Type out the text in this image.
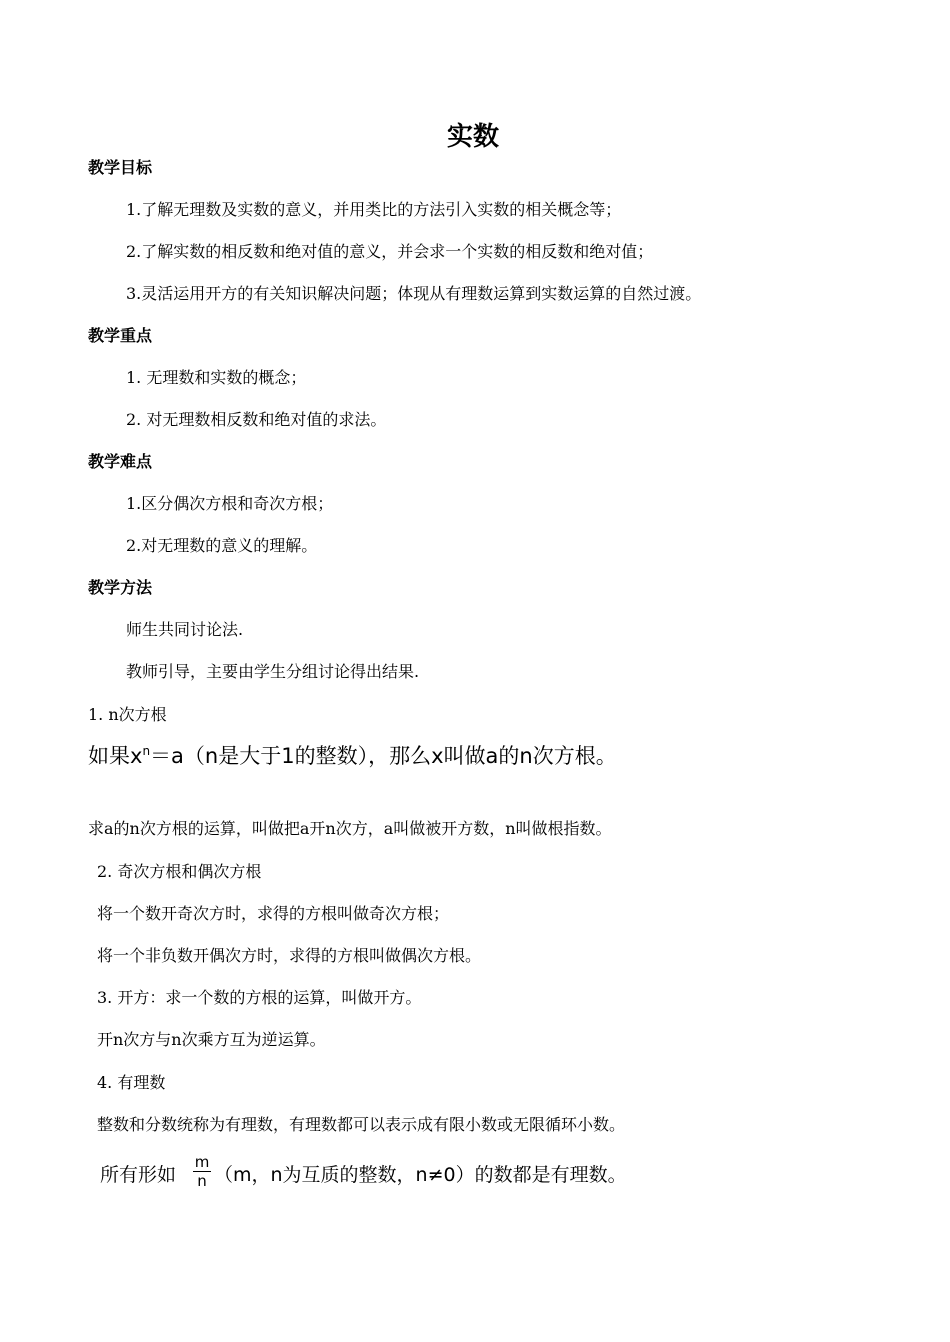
实数
教学目标
1.了解无理数及实数的意义，并用类比的方法引入实数的相关概念等；
2.了解实数的相反数和绝对值的意义，并会求一个实数的相反数和绝对值；
3.灵活运用开方的有关知识解决问题；体现从有理数运算到实数运算的自然过渡。
教学重点
1. 无理数和实数的概念；
2. 对无理数相反数和绝对值的求法。
教学难点
1.区分偶次方根和奇次方根；
2.对无理数的意义的理解。
教学方法
师生共同讨论法.
教师引导，主要由学生分组讨论得出结果.
1. n次方根
如果$x^n=a(n$是大于1的整数），那么x叫做a的n次方根。
求a的n次方根的运算，叫做把a开n次方，a叫做被开方数，n叫做根指数。
2. 奇次方根和偶次方根
将一个数开奇次方时，求得的方根叫做奇次方根；
将一个非负数开偶次方时，求得的方根叫做偶次方根。
3. 开方：求一个数的方根的运算，叫做开方。
开n次方与n次乘方互为逆运算。
4. 有理数
整数和分数统称为有理数，有理数都可以表示成有限小数或无限循环小数。
所有形如
m
n （m，n为互质的整数，n≠0）的数都是有理数。
